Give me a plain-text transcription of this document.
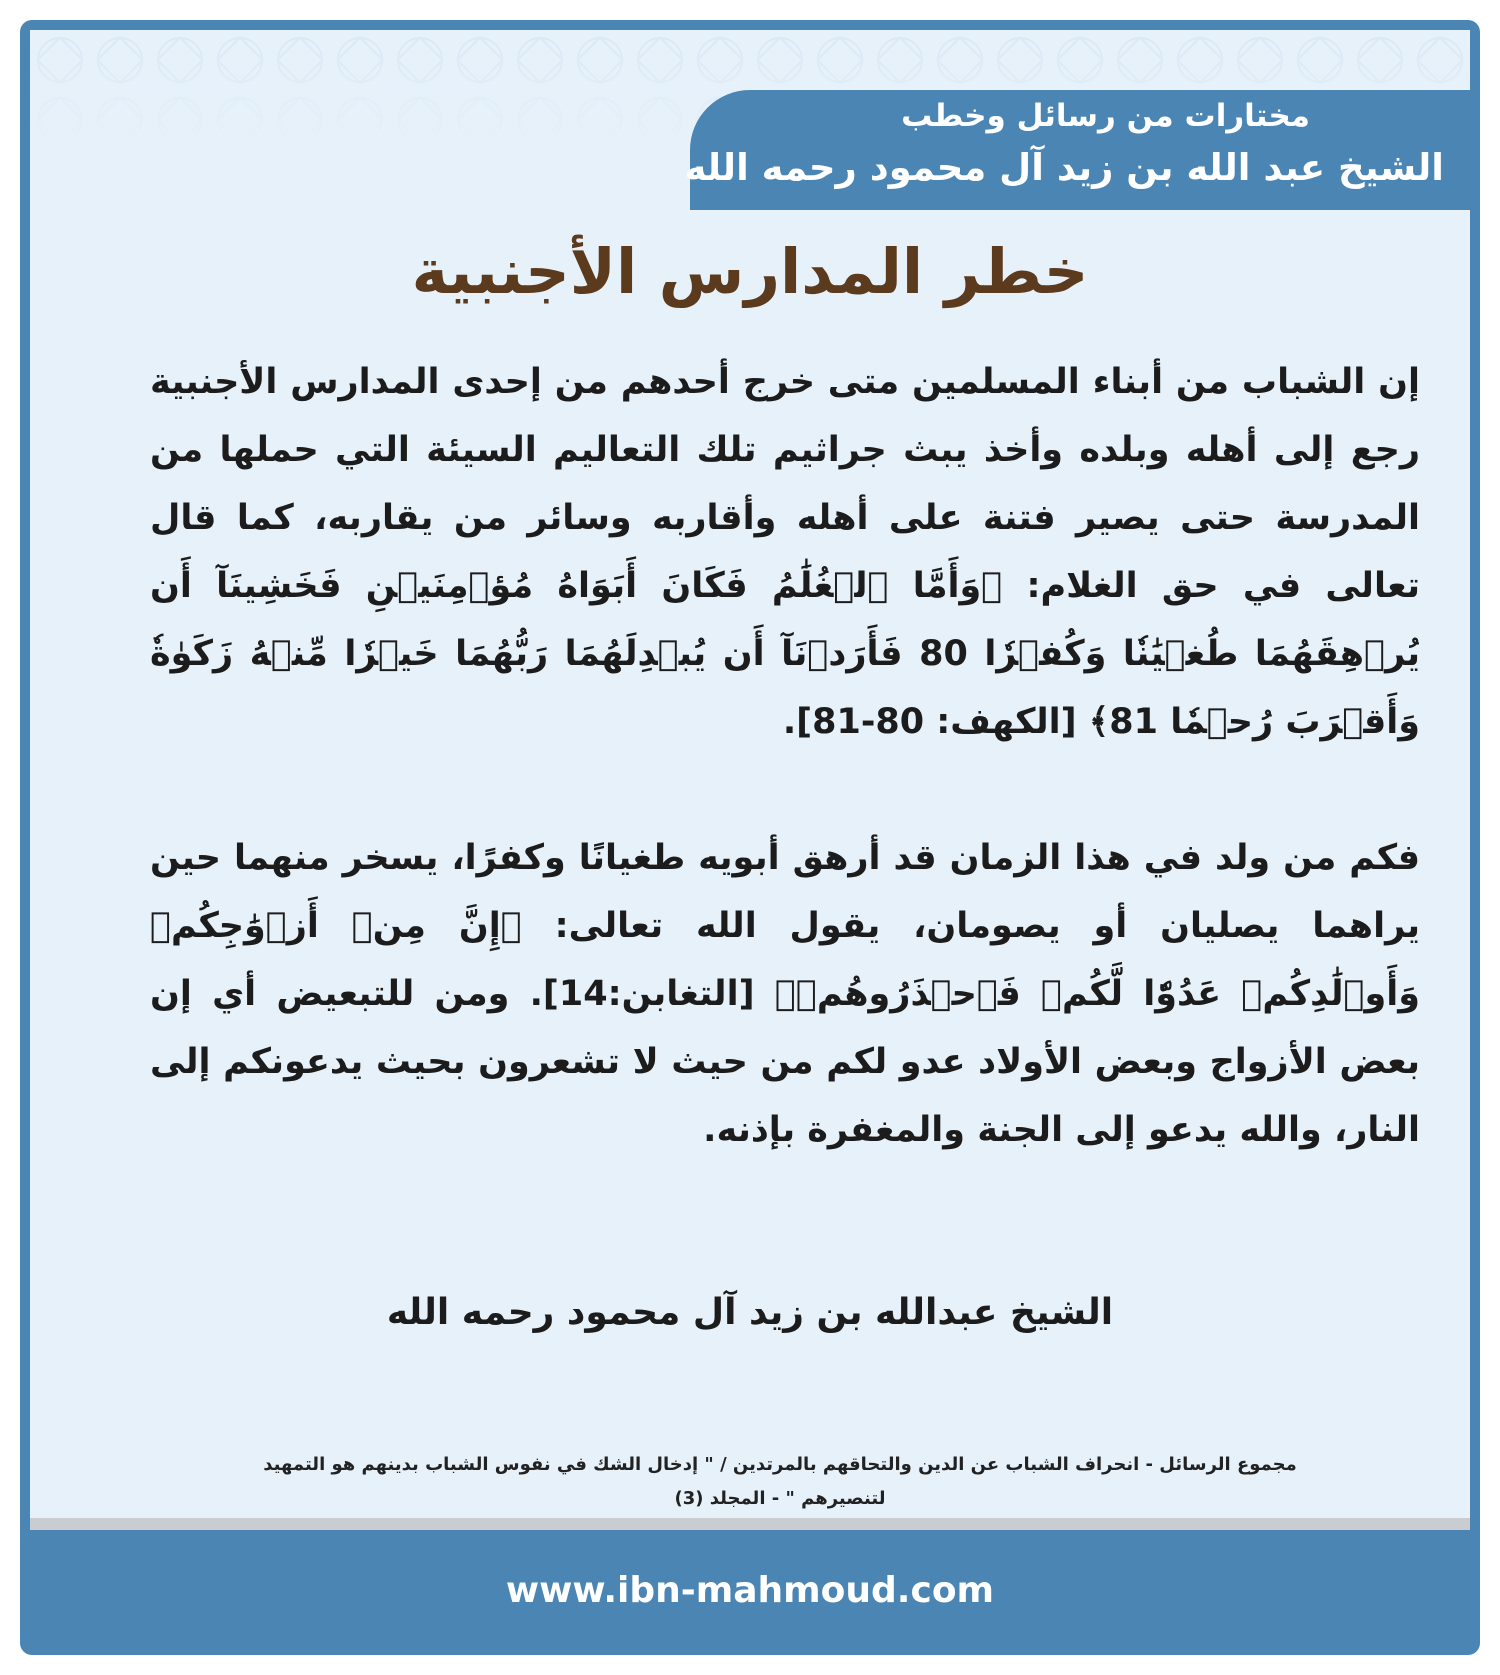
مختارات من رسائل وخطب
الشيخ عبد الله بن زيد آل محمود رحمه الله
خطر المدارس الأجنبية

إن الشباب من أبناء المسلمين متى خرج أحدهم من إحدى المدارس الأجنبية رجع إلى أهله وبلده وأخذ يبث جراثيم تلك التعاليم السيئة التي حملها من المدرسة حتى يصير فتنة على أهله وأقاربه وسائر من يقاربه، كما قال تعالى في حق الغلام: ﴿وَأَمَّا ٱلۡغُلَٰمُ فَكَانَ أَبَوَاهُ مُؤۡمِنَيۡنِ فَخَشِينَآ أَن يُرۡهِقَهُمَا طُغۡيَٰنٗا وَكُفۡرٗا 80 فَأَرَدۡنَآ أَن يُبۡدِلَهُمَا رَبُّهُمَا خَيۡرٗا مِّنۡهُ زَكَوٰةٗ وَأَقۡرَبَ رُحۡمٗا 81﴾ [الكهف: 80-81].

فكم من ولد في هذا الزمان قد أرهق أبويه طغيانًا وكفرًا، يسخر منهما حين يراهما يصليان أو يصومان، يقول الله تعالى: ﴿إِنَّ مِنۡ أَزۡوَٰجِكُمۡ وَأَوۡلَٰدِكُمۡ عَدُوّٗا لَّكُمۡ فَٱحۡذَرُوهُمۡ﴾ [التغابن:14]. ومن للتبعيض أي إن بعض الأزواج وبعض الأولاد عدو لكم من حيث لا تشعرون بحيث يدعونكم إلى النار، والله يدعو إلى الجنة والمغفرة بإذنه.

الشيخ عبدالله بن زيد آل محمود رحمه الله
مجموع الرسائل - انحراف الشباب عن الدين والتحاقهم بالمرتدين / " إدخال الشك في نفوس الشباب بدينهم هو التمهيد
لتنصيرهم " - المجلد (3)
www.ibn-mahmoud.com
